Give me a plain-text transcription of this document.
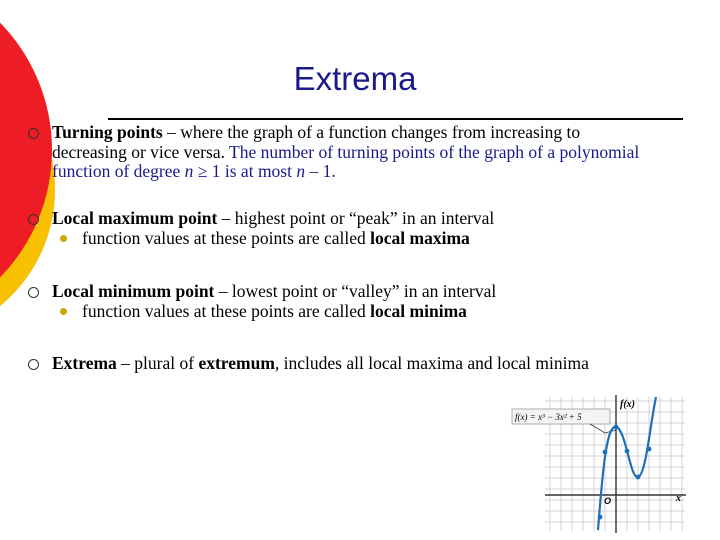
Extrema
Turning points – where the graph of a function changes from increasing to decreasing or vice versa. The number of turning points of the graph of a polynomial function of degree n ≥ 1 is at most n – 1.
Local maximum point – highest point or “peak” in an interval
function values at these points are called local maxima
Local minimum point – lowest point or “valley” in an interval
function values at these points are called local minima
Extrema – plural of extremum, includes all local maxima and local minima
f(x)
x
O
f(x) = x³ − 3x² + 5
